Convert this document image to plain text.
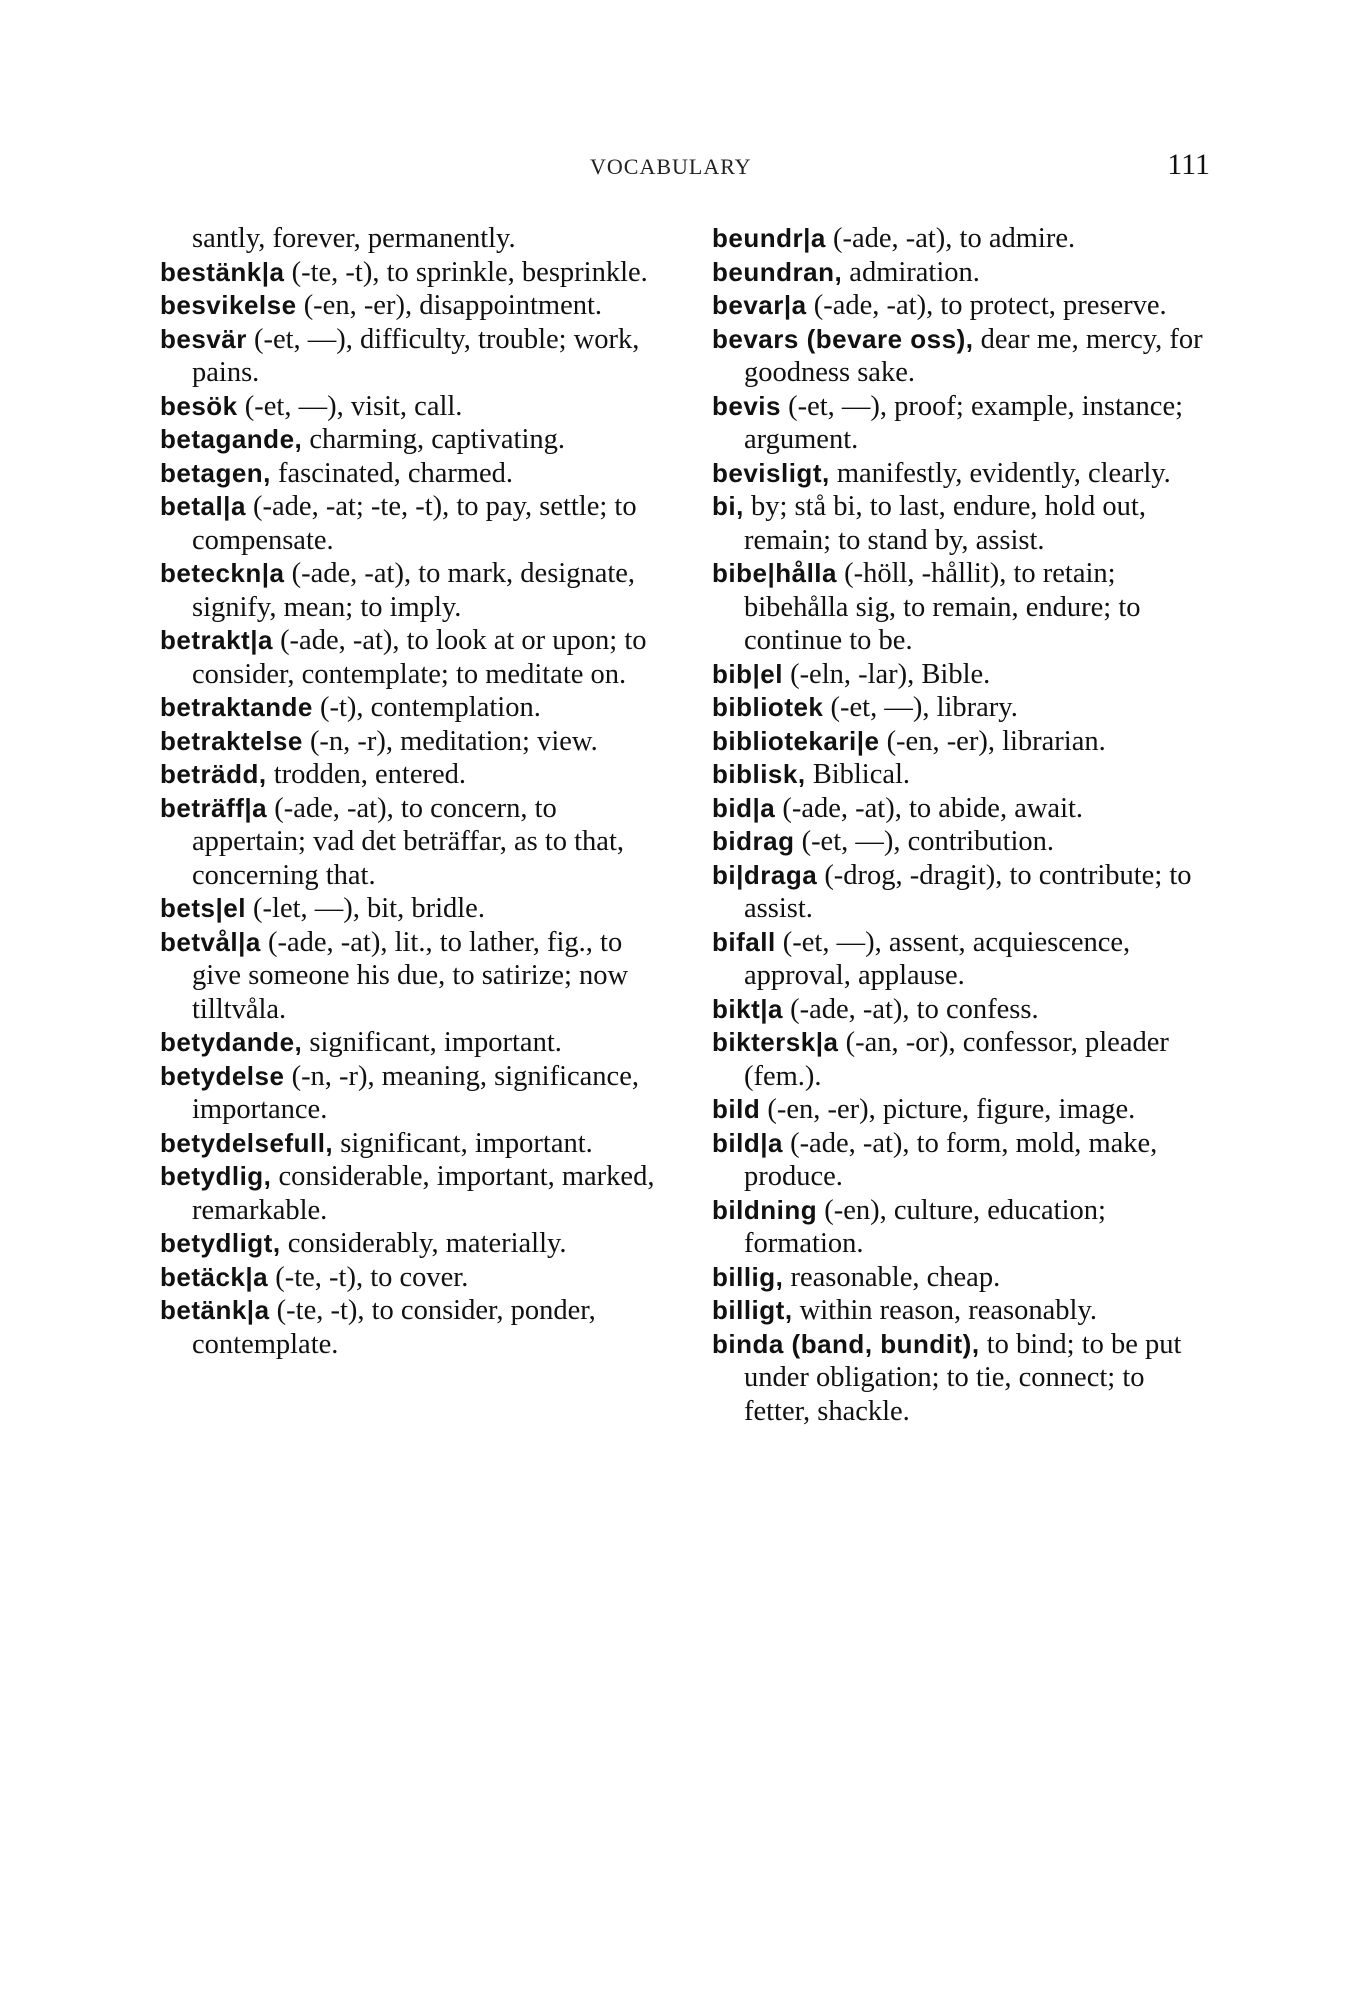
VOCABULARY	111

santly, forever, permanently.

bestänk|a (-te, -t), to sprinkle, besprinkle.

besvikelse (-en, -er), disappointment.

besvär (-et, —), difficulty, trouble; work, pains.

besök (-et, —), visit, call.

betagande, charming, captivating.

betagen, fascinated, charmed.

betal|a (-ade, -at; -te, -t), to pay, settle; to compensate.

beteckn|a (-ade, -at), to mark, designate, signify, mean; to imply.

betrakt|a (-ade, -at), to look at or upon; to consider, contemplate; to meditate on.

betraktande (-t), contemplation.

betraktelse (-n, -r), meditation; view.

beträdd, trodden, entered.

beträff|a (-ade, -at), to concern, to appertain; vad det beträffar, as to that, concerning that.

bets|el (-let, —), bit, bridle.

betvål|a (-ade, -at), lit., to lather, fig., to give someone his due, to satirize; now tilltvåla.

betydande, significant, important.

betydelse (-n, -r), meaning, significance, importance.

betydelsefull, significant, important.

betydlig, considerable, important, marked, remarkable.

betydligt, considerably, materially.

betäck|a (-te, -t), to cover.

betänk|a (-te, -t), to consider, ponder, contemplate.

beundr|a (-ade, -at), to admire.

beundran, admiration.

bevar|a (-ade, -at), to protect, preserve.

bevars (bevare oss), dear me, mercy, for goodness sake.

bevis (-et, —), proof; example, instance; argument.

bevisligt, manifestly, evidently, clearly.

bi, by; stå bi, to last, endure, hold out, remain; to stand by, assist.

bibe|hålla (-höll, -hållit), to retain; bibehålla sig, to remain, endure; to continue to be.

bib|el (-eln, -lar), Bible.

bibliotek (-et, —), library.

bibliotekari|e (-en, -er), librarian.

biblisk, Biblical.

bid|a (-ade, -at), to abide, await.

bidrag (-et, —), contribution.

bi|draga (-drog, -dragit), to contribute; to assist.

bifall (-et, —), assent, acquiescence, approval, applause.

bikt|a (-ade, -at), to confess.

biktersk|a (-an, -or), confessor, pleader (fem.).

bild (-en, -er), picture, figure, image.

bild|a (-ade, -at), to form, mold, make, produce.

bildning (-en), culture, education; formation.

billig, reasonable, cheap.

billigt, within reason, reasonably.

binda (band, bundit), to bind; to be put under obligation; to tie, connect; to fetter, shackle.
